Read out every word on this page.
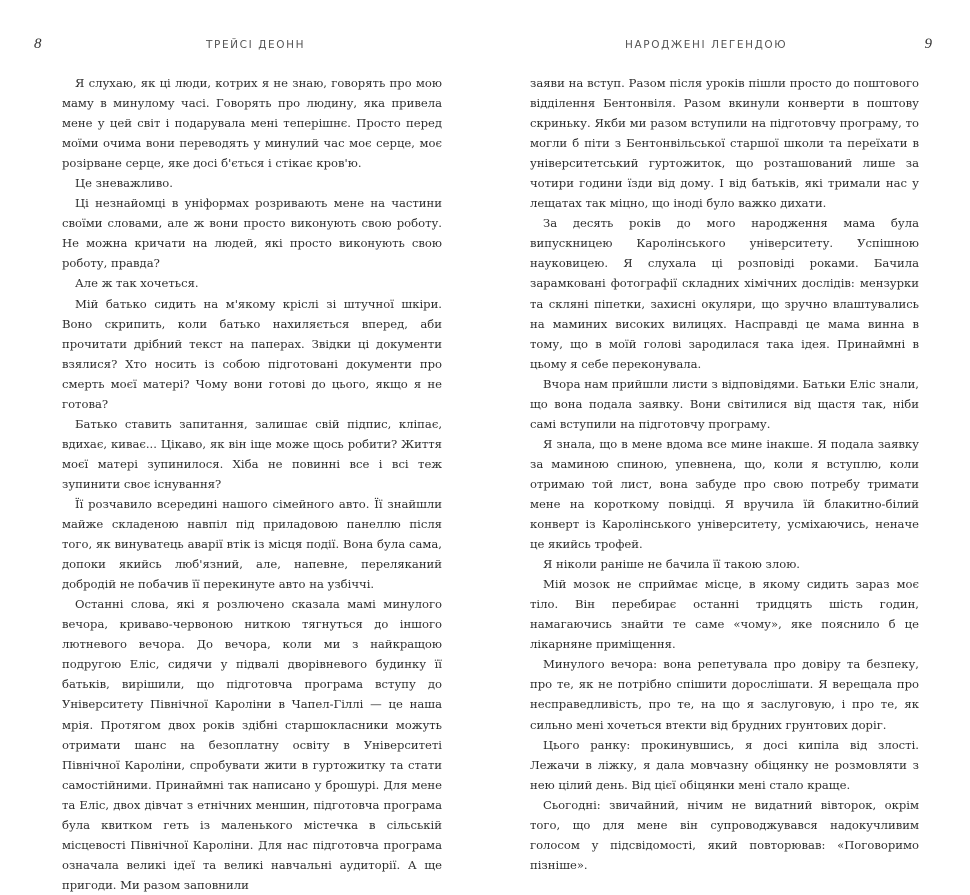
8	ТРЕЙСІ ДЕОНН

Я слухаю, як ці люди, котрих я не знаю, говорять про мою маму в минулому часі. Говорять про людину, яка привела мене у цей світ і подарувала мені теперішнє. Просто перед моїми очима вони переводять у минулий час моє серце, моє розірване серце, яке досі б'ється і стікає кров'ю.

Це зневажливо.

Ці незнайомці в уніформах розривають мене на частини своїми словами, але ж вони просто виконують свою роботу. Не можна кричати на людей, які просто виконують свою роботу, правда?

Але ж так хочеться.

Мій батько сидить на м'якому кріслі зі штучної шкіри. Воно скрипить, коли батько нахиляється вперед, аби прочитати дрібний текст на паперах. Звідки ці документи взялися? Хто носить із собою підготовані документи про смерть моєї матері? Чому вони готові до цього, якщо я не готова?

Батько ставить запитання, залишає свій підпис, кліпає, вдихає, киває... Цікаво, як він іще може щось робити? Життя моєї матері зупинилося. Хіба не повинні все і всі теж зупинити своє існування?

Її розчавило всередині нашого сімейного авто. Її знайшли майже складеною навпіл під приладовою панеллю після того, як винуватець аварії втік із місця події. Вона була сама, допоки якийсь люб'язний, але, напевне, переляканий добродій не побачив її перекинуте авто на узбіччі.

Останні слова, які я розлючено сказала мамі минулого вечора, криваво-червоною ниткою тягнуться до іншого лютневого вечора. До вечора, коли ми з найкращою подругою Еліс, сидячи у підвалі дворівневого будинку її батьків, вирішили, що підготовча програма вступу до Університету Північної Кароліни в Чапел-Гіллі — це наша мрія. Протягом двох років здібні старшокласники можуть отримати шанс на безоплатну освіту в Університеті Північної Кароліни, спробувати жити в гуртожитку та стати самостійними. Принаймні так написано у брошурі. Для мене та Еліс, двох дівчат з етнічних меншин, підготовча програма була квитком геть із маленького містечка в сільській місцевості Північної Кароліни. Для нас підготовча програма означала великі ідеї та великі навчальні аудиторії. А ще пригоди. Ми разом заповнили

9
НАРОДЖЕНІ ЛЕГЕНДОЮ

заяви на вступ. Разом після уроків пішли просто до поштового відділення Бентонвіля. Разом вкинули конверти в поштову скриньку. Якби ми разом вступили на підготовчу програму, то могли б піти з Бентонвільської старшої школи та переїхати в університетський гуртожиток, що розташований лише за чотири години їзди від дому. І від батьків, які тримали нас у лещатах так міцно, що іноді було важко дихати.

За десять років до мого народження мама була випускницею Каролінського університету. Успішною науковицею. Я слухала ці розповіді роками. Бачила зарамковані фотографії складних хімічних дослідів: мензурки та скляні піпетки, захисні окуляри, що зручно влаштувались на маминих високих вилицях. Насправді це мама винна в тому, що в моїй голові зародилася така ідея. Принаймні в цьому я себе переконувала.

Вчора нам прийшли листи з відповідями. Батьки Еліс знали, що вона подала заявку. Вони світилися від щастя так, ніби самі вступили на підготовчу програму.

Я знала, що в мене вдома все мине інакше. Я подала заявку за маминою спиною, упевнена, що, коли я вступлю, коли отримаю той лист, вона забуде про свою потребу тримати мене на короткому повідці. Я вручила їй блакитно-білий конверт із Каролінського університету, усміхаючись, неначе це якийсь трофей.

Я ніколи раніше не бачила її такою злою.

Мій мозок не сприймає місце, в якому сидить зараз моє тіло. Він перебирає останні тридцять шість годин, намагаючись знайти те саме «чому», яке пояснило б це лікарняне приміщення.

Минулого вечора: вона репетувала про довіру та безпеку, про те, як не потрібно спішити дорослішати. Я верещала про несправедливість, про те, на що я заслуговую, і про те, як сильно мені хочеться втекти від брудних грунтових доріг.

Цього ранку: прокинувшись, я досі кипіла від злості. Лежачи в ліжку, я дала мовчазну обіцянку не розмовляти з нею цілий день. Від цієї обіцянки мені стало краще.

Сьогодні: звичайний, нічим не видатний вівторок, окрім того, що для мене він супроводжувався надокучливим голосом у підсвідомості, який повторював: «Поговоримо пізніше».
